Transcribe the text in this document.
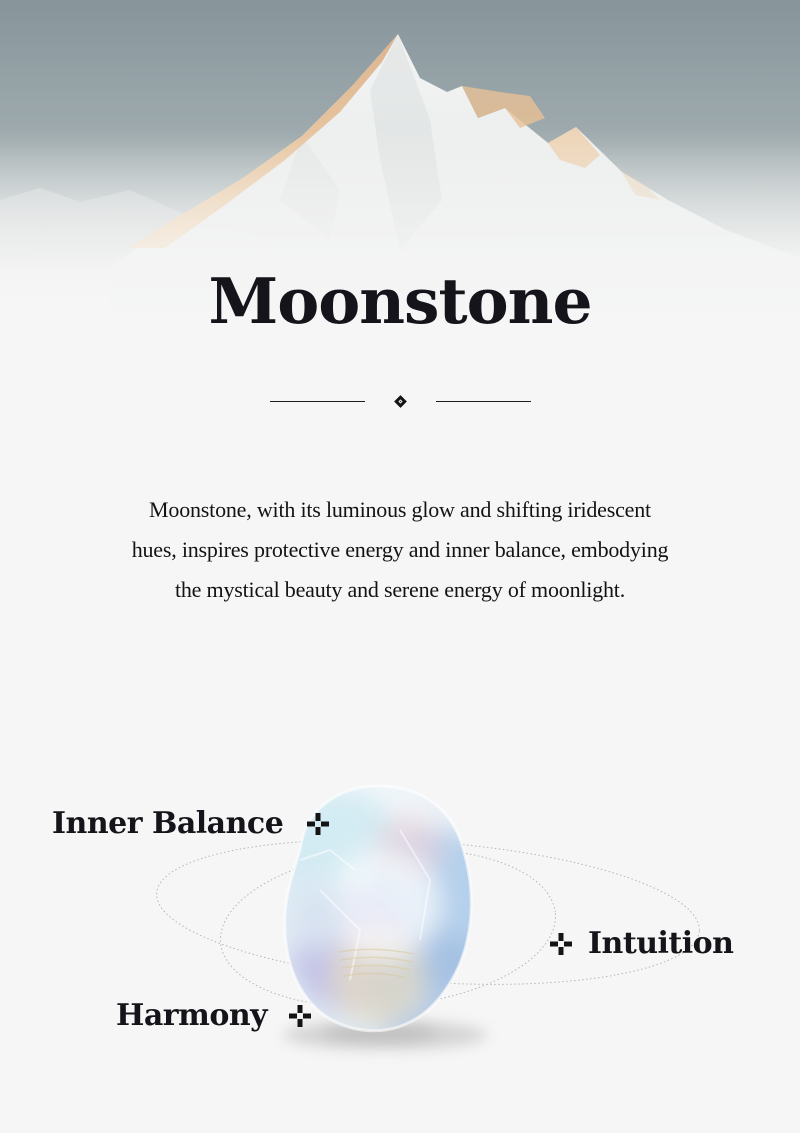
Moonstone
Moonstone, with its luminous glow and shifting iridescent
hues, inspires protective energy and inner balance, embodying
the mystical beauty and serene energy of moonlight.
Inner Balance
Intuition
Harmony
